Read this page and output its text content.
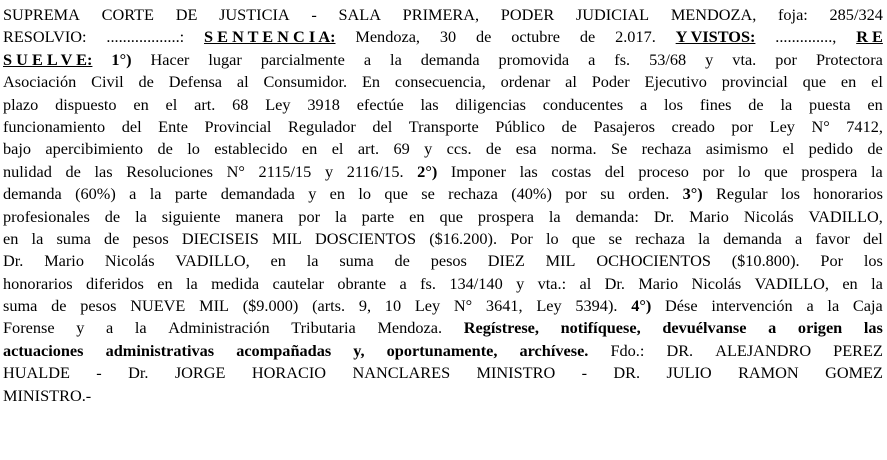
SUPREMA CORTE DE JUSTICIA - SALA PRIMERA, PODER JUDICIAL MENDOZA, foja: 285/324
RESOLVIO: ..................: S E N T E N C I A: Mendoza, 30 de octubre de 2.017. Y VISTOS: .............., R E
S U E L V E: 1°) Hacer lugar parcialmente a la demanda promovida a fs. 53/68 y vta. por Protectora
Asociación Civil de Defensa al Consumidor. En consecuencia, ordenar al Poder Ejecutivo provincial que en el
plazo dispuesto en el art. 68 Ley 3918 efectúe las diligencias conducentes a los fines de la puesta en
funcionamiento del Ente Provincial Regulador del Transporte Público de Pasajeros creado por Ley N° 7412,
bajo apercibimiento de lo establecido en el art. 69 y ccs. de esa norma. Se rechaza asimismo el pedido de
nulidad de las Resoluciones N° 2115/15 y 2116/15. 2°) Imponer las costas del proceso por lo que prospera la
demanda (60%) a la parte demandada y en lo que se rechaza (40%) por su orden. 3°) Regular los honorarios
profesionales de la siguiente manera por la parte en que prospera la demanda: Dr. Mario Nicolás VADILLO,
en la suma de pesos DIECISEIS MIL DOSCIENTOS ($16.200). Por lo que se rechaza la demanda a favor del
Dr. Mario Nicolás VADILLO, en la suma de pesos DIEZ MIL OCHOCIENTOS ($10.800). Por los
honorarios diferidos en la medida cautelar obrante a fs. 134/140 y vta.: al Dr. Mario Nicolás VADILLO, en la
suma de pesos NUEVE MIL ($9.000) (arts. 9, 10 Ley N° 3641, Ley 5394). 4°) Dése intervención a la Caja
Forense y a la Administración Tributaria Mendoza. Regístrese, notifíquese, devuélvanse a origen las
actuaciones administrativas acompañadas y, oportunamente, archívese. Fdo.: DR. ALEJANDRO PEREZ
HUALDE - Dr. JORGE HORACIO NANCLARES MINISTRO - DR. JULIO RAMON GOMEZ
MINISTRO.-
